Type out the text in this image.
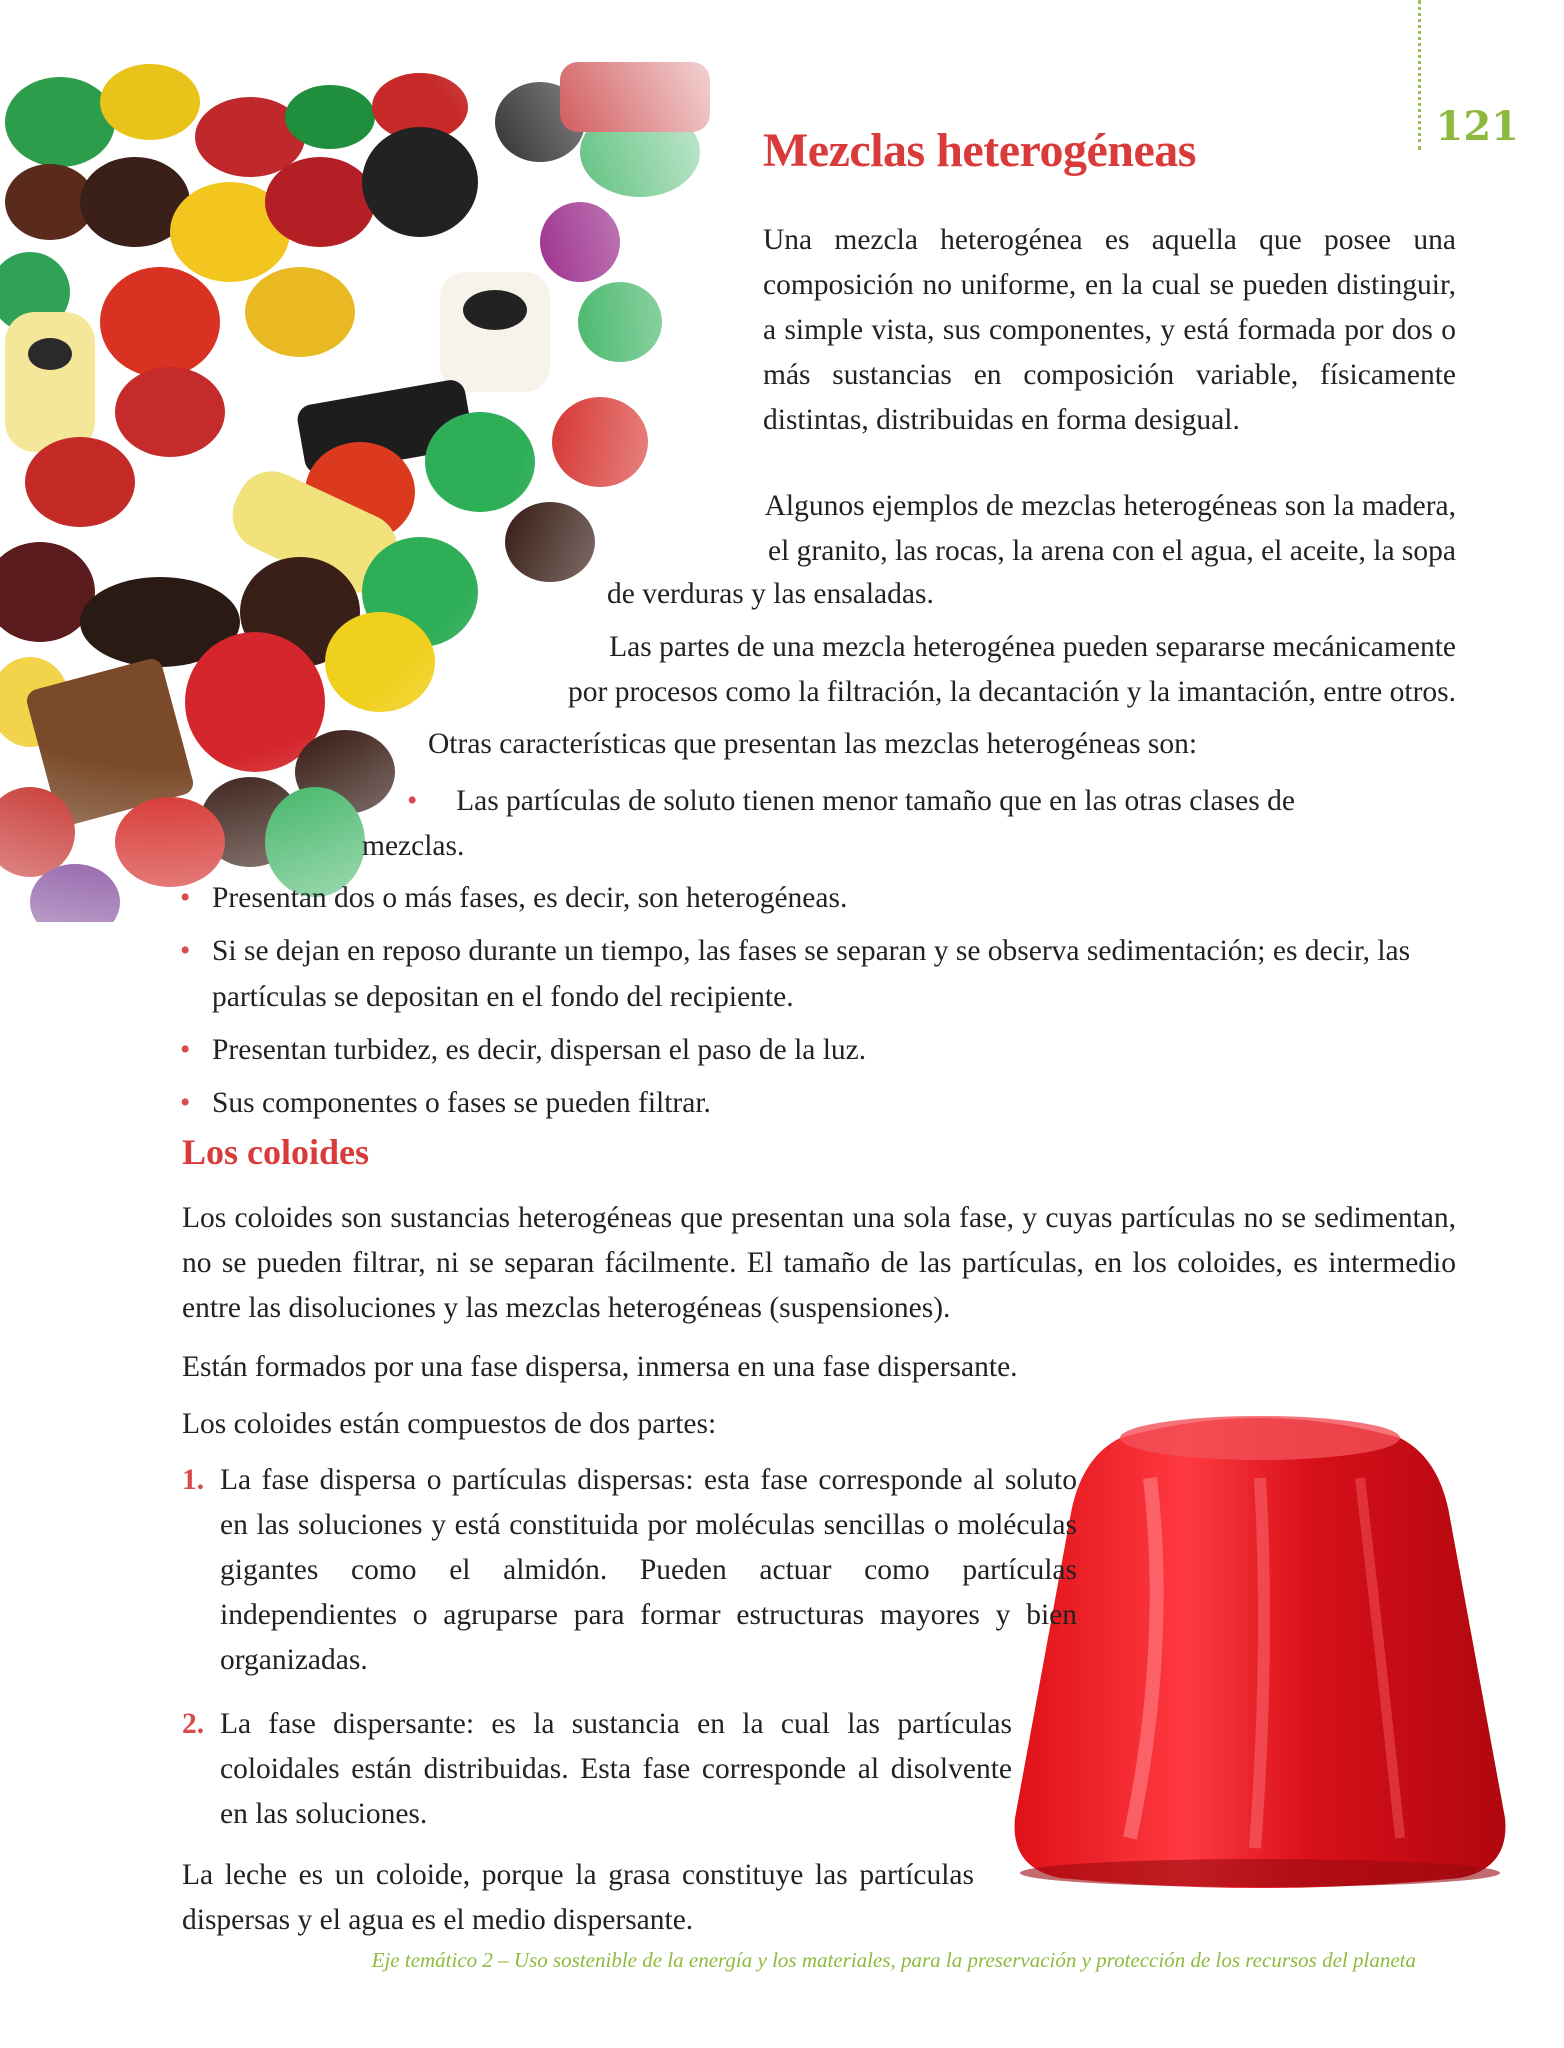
121
Mezclas heterogéneas

Una mezcla heterogénea es aquella que posee una composición no uniforme, en la cual se pueden distinguir, a simple vista, sus componentes, y está formada por dos o más sustancias en composición variable, físicamente distintas, distribuidas en forma desigual.

Algunos ejemplos de mezclas heterogéneas son la madera,

el granito, las rocas, la arena con el agua, el aceite, la sopa

de verduras y las ensaladas.

Las partes de una mezcla heterogénea pueden separarse mecánicamente

por procesos como la filtración, la decantación y la imantación, entre otros.

Otras características que presentan las mezclas heterogéneas son:

• Las partículas de soluto tienen menor tamaño que en las otras clases de

mezclas.

• Presentan dos o más fases, es decir, son heterogéneas.
• Si se dejan en reposo durante un tiempo, las fases se separan y se observa sedimentación; es decir, las partículas se depositan en el fondo del recipiente.
• Presentan turbidez, es decir, dispersan el paso de la luz.
• Sus componentes o fases se pueden filtrar.
Los coloides

Los coloides son sustancias heterogéneas que presentan una sola fase, y cuyas partículas no se sedimentan, no se pueden filtrar, ni se separan fácilmente. El tamaño de las partículas, en los coloides, es intermedio entre las disoluciones y las mezclas heterogéneas (suspensiones).

Están formados por una fase dispersa, inmersa en una fase dispersante.

Los coloides están compuestos de dos partes:

1. La fase dispersa o partículas dispersas: esta fase corresponde al soluto en las soluciones y está constituida por moléculas sencillas o moléculas gigantes como el almidón. Pueden actuar como partículas independientes o agruparse para formar estructuras mayores y bien organizadas.
2. La fase dispersante: es la sustancia en la cual las partículas coloidales están distribuidas. Esta fase corresponde al disolvente en las soluciones.

La leche es un coloide, porque la grasa constituye las partículas dispersas y el agua es el medio dispersante.

Eje temático 2 – Uso sostenible de la energía y los materiales, para la preservación y protección de los recursos del planeta
